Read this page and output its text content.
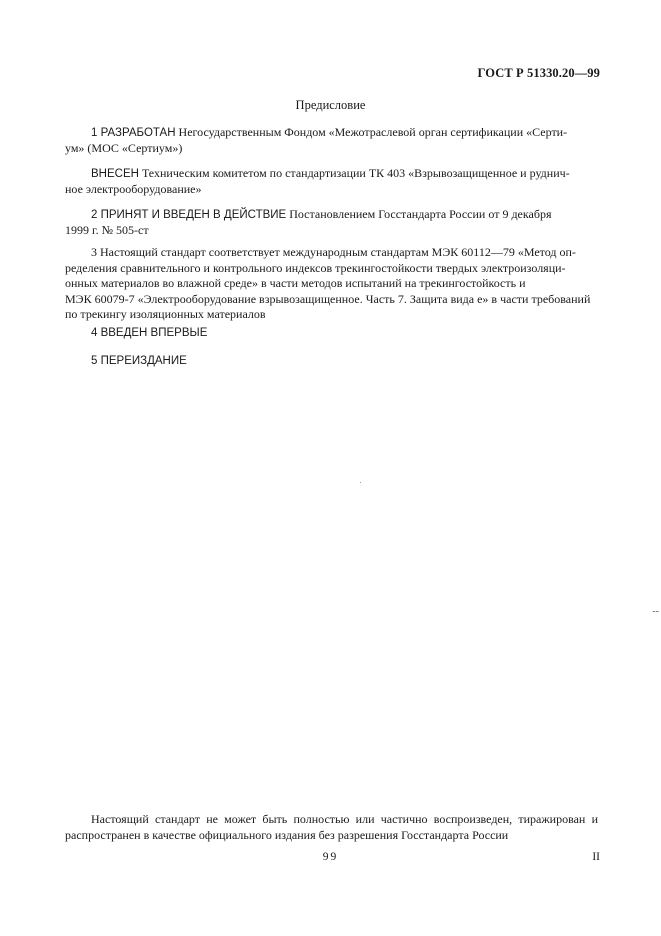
ГОСТ Р 51330.20—99
Предисловие
1 РАЗРАБОТАН Негосударственным Фондом «Межотраслевой орган сертификации «Серти-
ум» (МОС «Сертиум»)
ВНЕСЕН Техническим комитетом по стандартизации ТК 403 «Взрывозащищенное и руднич-
ное электрооборудование»
2 ПРИНЯТ И ВВЕДЕН В ДЕЙСТВИЕ Постановлением Госстандарта России от 9 декабря
1999 г. № 505-ст
3 Настоящий стандарт соответствует международным стандартам МЭК 60112—79 «Метод оп-
ределения сравнительного и контрольного индексов трекингостойкости твердых электроизоляци-
онных материалов во влажной среде» в части методов испытаний на трекингостойкость и
МЭК 60079-7 «Электрооборудование взрывозащищенное. Часть 7. Защита вида e» в части требований
по трекингу изоляционных материалов
4 ВВЕДЕН ВПЕРВЫЕ
5 ПЕРЕИЗДАНИЕ
--

Настоящий стандарт не может быть полностью или частично воспроизведен, тиражирован и распространен в качестве официального издания без разрешения Госстандарта России

99	II
